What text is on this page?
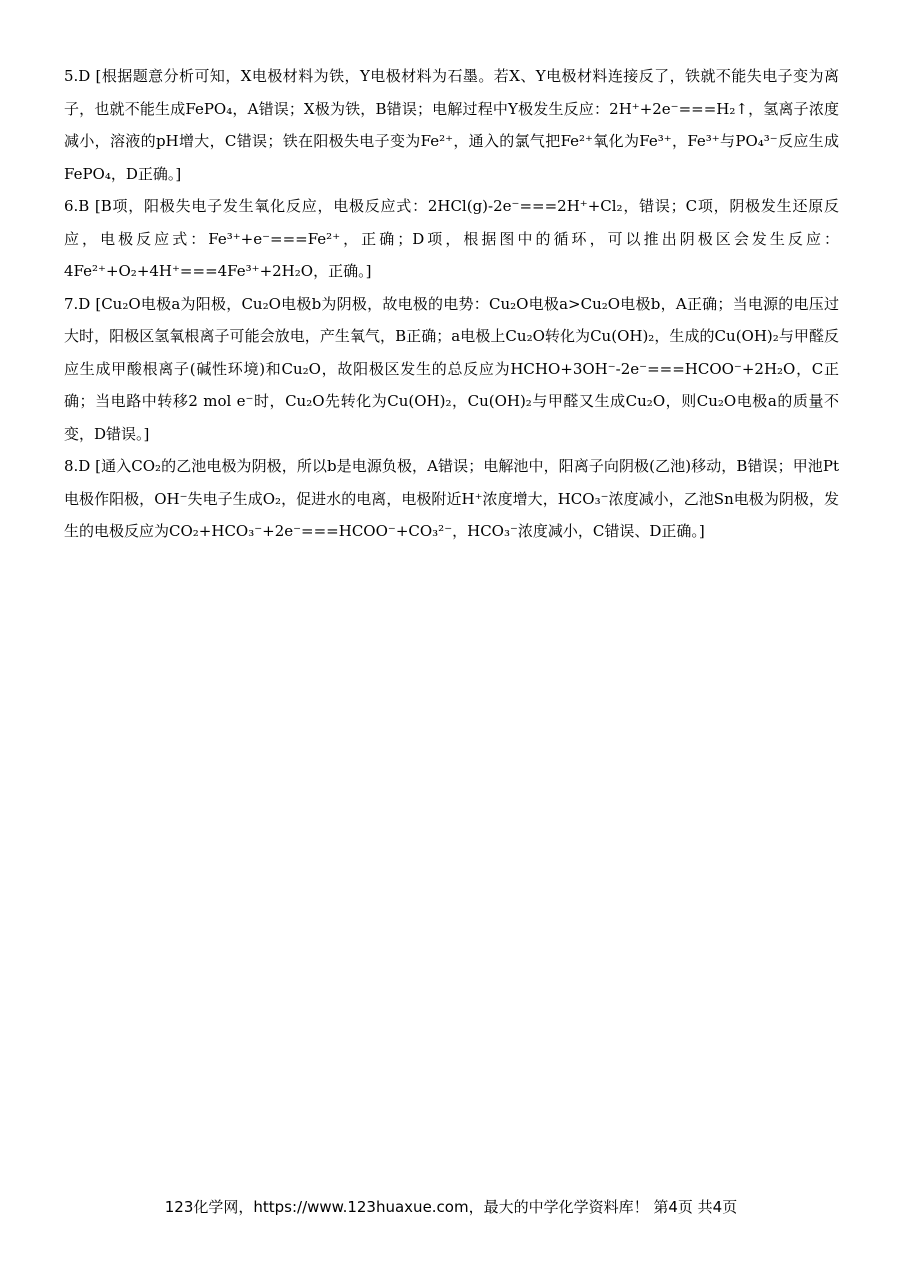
5.D [根据题意分析可知，X电极材料为铁，Y电极材料为石墨。若X、Y电极材料连接反了，铁就不能失电子变为离子，也就不能生成FePO₄，A错误；X极为铁，B错误；电解过程中Y极发生反应：2H⁺+2e⁻===H₂↑，氢离子浓度减小，溶液的pH增大，C错误；铁在阳极失电子变为Fe²⁺，通入的氯气把Fe²⁺氧化为Fe³⁺，Fe³⁺与PO₄³⁻反应生成FePO₄，D正确。]

6.B [B项，阳极失电子发生氧化反应，电极反应式：2HCl(g)-2e⁻===2H⁺+Cl₂，错误；C项，阴极发生还原反应，电极反应式：Fe³⁺+e⁻===Fe²⁺，正确；D项，根据图中的循环，可以推出阴极区会发生反应：4Fe²⁺+O₂+4H⁺===4Fe³⁺+2H₂O，正确。]

7.D [Cu₂O电极a为阳极，Cu₂O电极b为阴极，故电极的电势：Cu₂O电极a>Cu₂O电极b，A正确；当电源的电压过大时，阳极区氢氧根离子可能会放电，产生氧气，B正确；a电极上Cu₂O转化为Cu(OH)₂，生成的Cu(OH)₂与甲醛反应生成甲酸根离子(碱性环境)和Cu₂O，故阳极区发生的总反应为HCHO+3OH⁻-2e⁻===HCOO⁻+2H₂O，C正确；当电路中转移2 mol e⁻时，Cu₂O先转化为Cu(OH)₂，Cu(OH)₂与甲醛又生成Cu₂O，则Cu₂O电极a的质量不变，D错误。]

8.D [通入CO₂的乙池电极为阴极，所以b是电源负极，A错误；电解池中，阳离子向阴极(乙池)移动，B错误；甲池Pt电极作阳极，OH⁻失电子生成O₂，促进水的电离，电极附近H⁺浓度增大，HCO₃⁻浓度减小，乙池Sn电极为阴极，发生的电极反应为CO₂+HCO₃⁻+2e⁻===HCOO⁻+CO₃²⁻，HCO₃⁻浓度减小，C错误、D正确。]

123化学网，https://www.123huaxue.com，最大的中学化学资料库！ 第4页 共4页
